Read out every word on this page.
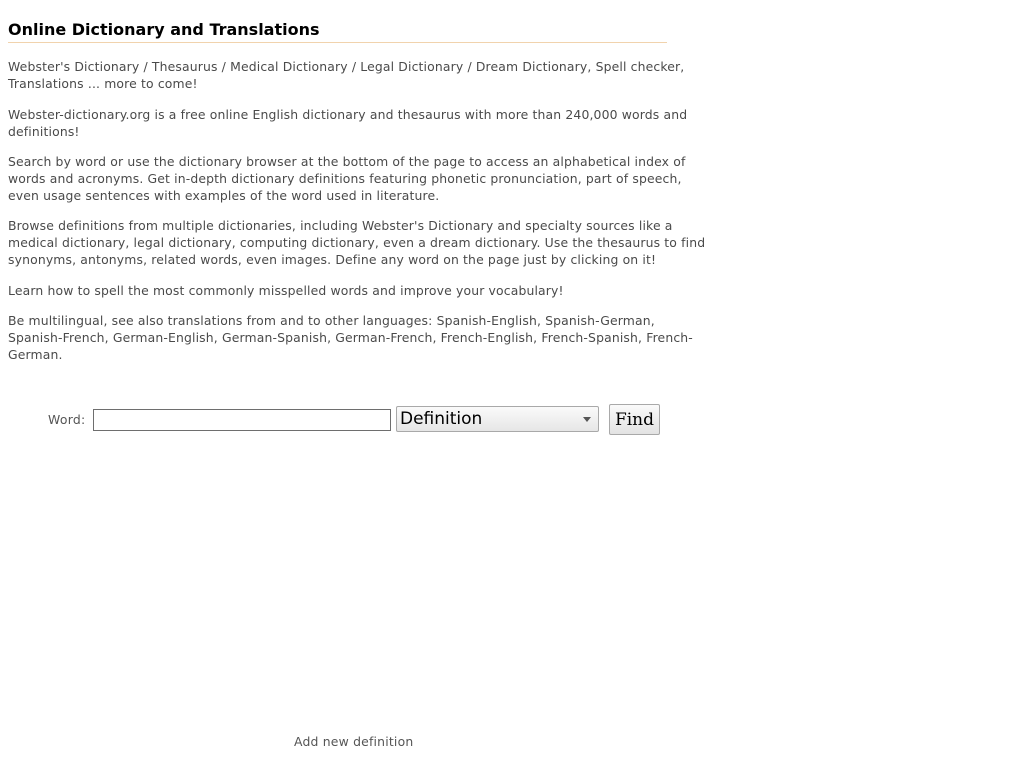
Online Dictionary and Translations

Webster's Dictionary / Thesaurus / Medical Dictionary / Legal Dictionary / Dream Dictionary, Spell checker, Translations ... more to come!

Webster-dictionary.org is a free online English dictionary and thesaurus with more than 240,000 words and definitions!

Search by word or use the dictionary browser at the bottom of the page to access an alphabetical index of words and acronyms. Get in-depth dictionary definitions featuring phonetic pronunciation, part of speech, even usage sentences with examples of the word used in literature.

Browse definitions from multiple dictionaries, including Webster's Dictionary and specialty sources like a medical dictionary, legal dictionary, computing dictionary, even a dream dictionary. Use the thesaurus to find synonyms, antonyms, related words, even images. Define any word on the page just by clicking on it!

Learn how to spell the most commonly misspelled words and improve your vocabulary!

Be multilingual, see also translations from and to other languages: Spanish-English, Spanish-German, Spanish-French, German-English, German-Spanish, German-French, French-English, French-Spanish, French-German.

Word:	Definition	Find
Add new definition
